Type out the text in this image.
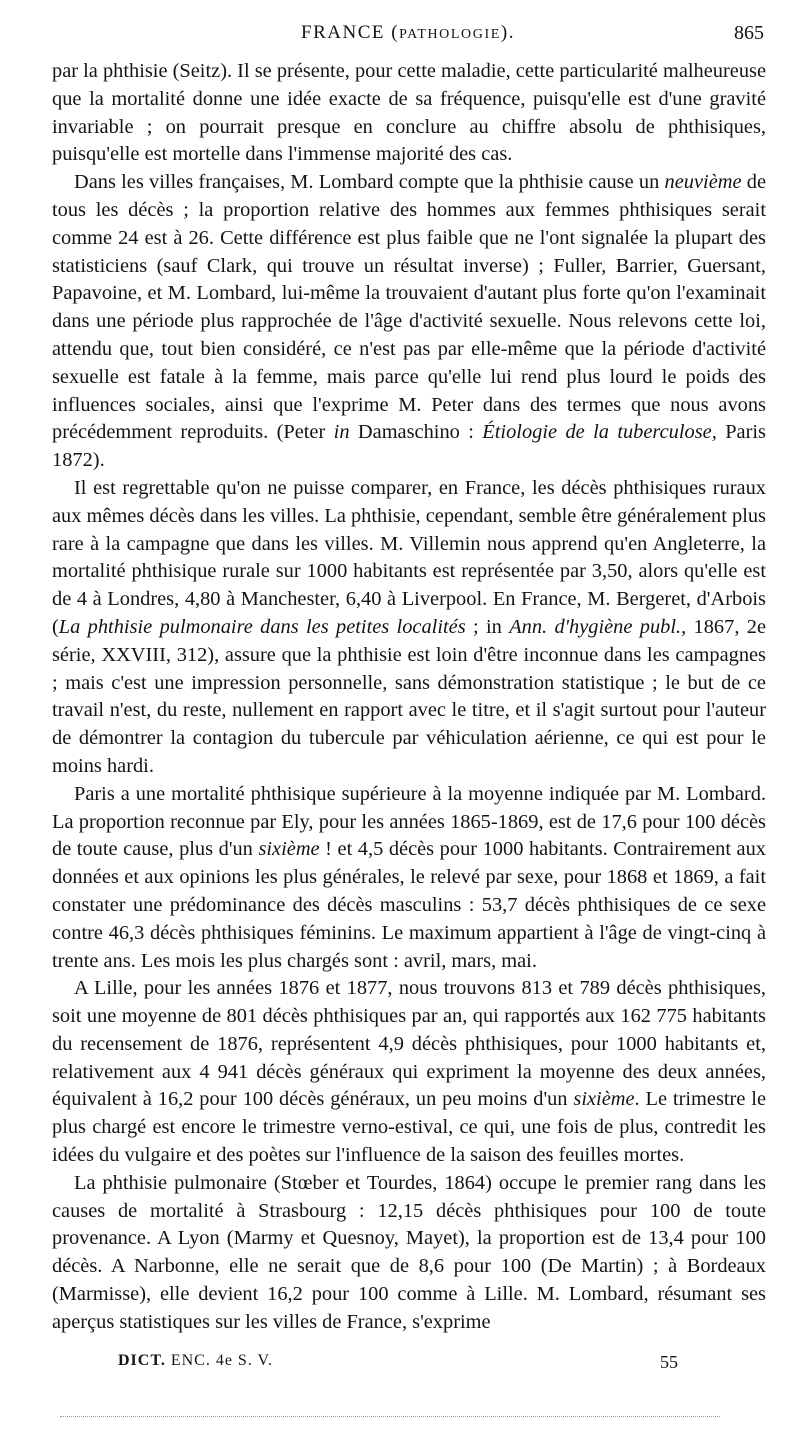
FRANCE (PATHOLOGIE).	865

par la phthisie (Seitz). Il se présente, pour cette maladie, cette particularité malheureuse que la mortalité donne une idée exacte de sa fréquence, puisqu'elle est d'une gravité invariable ; on pourrait presque en conclure au chiffre absolu de phthisiques, puisqu'elle est mortelle dans l'immense majorité des cas.

Dans les villes françaises, M. Lombard compte que la phthisie cause un neuvième de tous les décès ; la proportion relative des hommes aux femmes phthisiques serait comme 24 est à 26. Cette différence est plus faible que ne l'ont signalée la plupart des statisticiens (sauf Clark, qui trouve un résultat inverse) ; Fuller, Barrier, Guersant, Papavoine, et M. Lombard, lui-même la trouvaient d'autant plus forte qu'on l'examinait dans une période plus rapprochée de l'âge d'activité sexuelle. Nous relevons cette loi, attendu que, tout bien considéré, ce n'est pas par elle-même que la période d'activité sexuelle est fatale à la femme, mais parce qu'elle lui rend plus lourd le poids des influences sociales, ainsi que l'exprime M. Peter dans des termes que nous avons précédemment reproduits. (Peter in Damaschino : Étiologie de la tuberculose, Paris 1872).

Il est regrettable qu'on ne puisse comparer, en France, les décès phthisiques ruraux aux mêmes décès dans les villes. La phthisie, cependant, semble être généralement plus rare à la campagne que dans les villes. M. Villemin nous apprend qu'en Angleterre, la mortalité phthisique rurale sur 1000 habitants est représentée par 3,50, alors qu'elle est de 4 à Londres, 4,80 à Manchester, 6,40 à Liverpool. En France, M. Bergeret, d'Arbois (La phthisie pulmonaire dans les petites localités ; in Ann. d'hygiène publ., 1867, 2e série, XXVIII, 312), assure que la phthisie est loin d'être inconnue dans les campagnes ; mais c'est une impression personnelle, sans démonstration statistique ; le but de ce travail n'est, du reste, nullement en rapport avec le titre, et il s'agit surtout pour l'auteur de démontrer la contagion du tubercule par véhiculation aérienne, ce qui est pour le moins hardi.

Paris a une mortalité phthisique supérieure à la moyenne indiquée par M. Lombard. La proportion reconnue par Ely, pour les années 1865-1869, est de 17,6 pour 100 décès de toute cause, plus d'un sixième ! et 4,5 décès pour 1000 habitants. Contrairement aux données et aux opinions les plus générales, le relevé par sexe, pour 1868 et 1869, a fait constater une prédominance des décès masculins : 53,7 décès phthisiques de ce sexe contre 46,3 décès phthisiques féminins. Le maximum appartient à l'âge de vingt-cinq à trente ans. Les mois les plus chargés sont : avril, mars, mai.

A Lille, pour les années 1876 et 1877, nous trouvons 813 et 789 décès phthisiques, soit une moyenne de 801 décès phthisiques par an, qui rapportés aux 162 775 habitants du recensement de 1876, représentent 4,9 décès phthisiques, pour 1000 habitants et, relativement aux 4 941 décès généraux qui expriment la moyenne des deux années, équivalent à 16,2 pour 100 décès généraux, un peu moins d'un sixième. Le trimestre le plus chargé est encore le trimestre verno-estival, ce qui, une fois de plus, contredit les idées du vulgaire et des poètes sur l'influence de la saison des feuilles mortes.

La phthisie pulmonaire (Stœber et Tourdes, 1864) occupe le premier rang dans les causes de mortalité à Strasbourg : 12,15 décès phthisiques pour 100 de toute provenance. A Lyon (Marmy et Quesnoy, Mayet), la proportion est de 13,4 pour 100 décès. A Narbonne, elle ne serait que de 8,6 pour 100 (De Martin) ; à Bordeaux (Marmisse), elle devient 16,2 pour 100 comme à Lille. M. Lombard, résumant ses aperçus statistiques sur les villes de France, s'exprime

DICT. ENC. 4e S. V.	55
